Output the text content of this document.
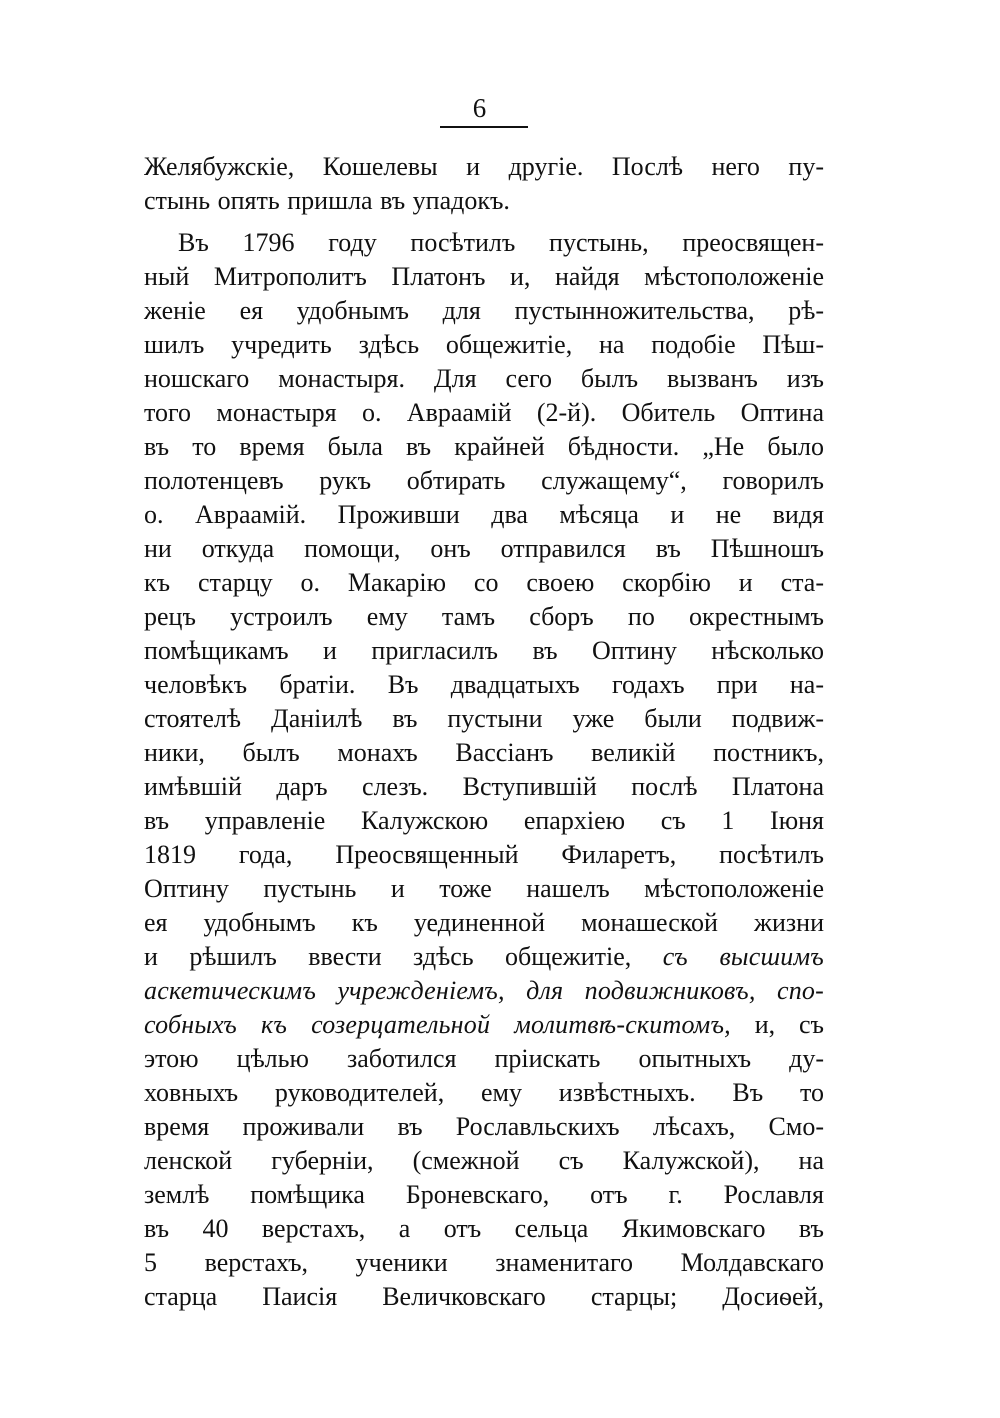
6
Желябужскіе, Кошелевы и другіе. Послѣ него пу-
стынь опять пришла въ упадокъ.
Въ 1796 году посѣтилъ пустынь, преосвящен-
ный Митрополитъ Платонъ и, найдя мѣстоположеніе
женіе ея удобнымъ для пустынножительства, рѣ-
шилъ учредить здѣсь общежитіе, на подобіе Пѣш-
ношскаго монастыря. Для сего былъ вызванъ изъ
того монастыря о. Авраамій (2-й). Обитель Оптина
въ то время была въ крайней бѣдности. „Не было
полотенцевъ рукъ обтирать служащему“, говорилъ
о. Авраамій. Проживши два мѣсяца и не видя
ни откуда помощи, онъ отправился въ Пѣшношъ
къ старцу о. Макарію со своею скорбію и ста-
рецъ устроилъ ему тамъ сборъ по окрестнымъ
помѣщикамъ и пригласилъ въ Оптину нѣсколько
человѣкъ братіи. Въ двадцатыхъ годахъ при на-
стоятелѣ Даніилѣ въ пустыни уже были подвиж-
ники, былъ монахъ Вассіанъ великій постникъ,
имѣвшій даръ слезъ. Вступившій послѣ Платона
въ управленіе Калужскою епархіею съ 1 Іюня
1819 года, Преосвященный Филаретъ, посѣтилъ
Оптину пустынь и тоже нашелъ мѣстоположеніе
ея удобнымъ къ уединенной монашеской жизни
и рѣшилъ ввести здѣсь общежитіе, съ высшимъ
аскетическимъ учрежденіемъ, для подвижниковъ, спо-
собныхъ къ созерцательной молитвѣ-скитомъ, и, съ
этою цѣлью заботился пріискать опытныхъ ду-
ховныхъ руководителей, ему извѣстныхъ. Въ то
время проживали въ Рославльскихъ лѣсахъ, Смо-
ленской губерніи, (смежной съ Калужской), на
землѣ помѣщика Броневскаго, отъ г. Рославля
въ 40 верстахъ, а отъ сельца Якимовскаго въ
5 верстахъ, ученики знаменитаго Молдавскаго
старца Паисія Величковскаго старцы; Досиѳей,
